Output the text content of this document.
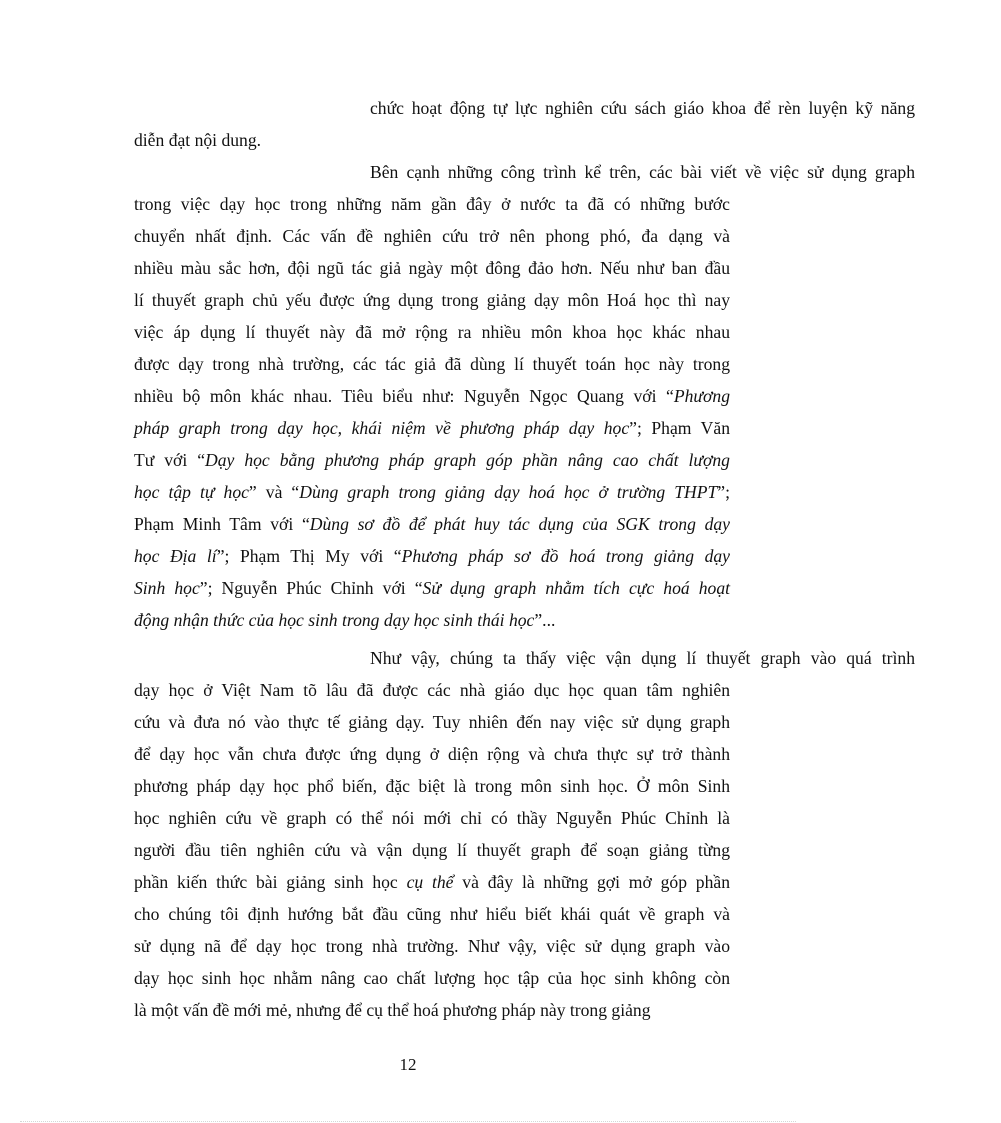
chức hoạt động tự lực nghiên cứu sách giáo khoa để rèn luyện kỹ năng
diễn đạt nội dung.
Bên cạnh những công trình kể trên, các bài viết về việc sử dụng graph
trong việc dạy học trong những năm gần đây ở nước ta đã có những bước
chuyển nhất định. Các vấn đề nghiên cứu trở nên phong phó, đa dạng và
nhiều màu sắc hơn, đội ngũ tác giả ngày một đông đảo hơn. Nếu như ban đầu
lí thuyết graph chủ yếu được ứng dụng trong giảng dạy môn Hoá học thì nay
việc áp dụng lí thuyết này đã mở rộng ra nhiều môn khoa học khác nhau
được dạy trong nhà trường, các tác giả đã dùng lí thuyết toán học này trong
nhiều bộ môn khác nhau. Tiêu biểu như: Nguyễn Ngọc Quang với “Phương
pháp graph trong dạy học, khái niệm về phương pháp dạy học”; Phạm Văn
Tư với “Dạy học bằng phương pháp graph góp phần nâng cao chất lượng
học tập tự học” và “Dùng graph trong giảng dạy hoá học ở trường THPT”;
Phạm Minh Tâm với “Dùng sơ đồ để phát huy tác dụng của SGK trong dạy
học Địa lí”; Phạm Thị My với “Phương pháp sơ đồ hoá trong giảng dạy
Sinh học”; Nguyễn Phúc Chỉnh với “Sử dụng graph nhằm tích cực hoá hoạt
động nhận thức của học sinh trong dạy học sinh thái học”...
Như vậy, chúng ta thấy việc vận dụng lí thuyết graph vào quá trình
dạy học ở Việt Nam tõ lâu đã được các nhà giáo dục học quan tâm nghiên
cứu và đưa nó vào thực tế giảng dạy. Tuy nhiên đến nay việc sử dụng graph
để dạy học vẫn chưa được ứng dụng ở diện rộng và chưa thực sự trở thành
phương pháp dạy học phổ biến, đặc biệt là trong môn sinh học. Ở môn Sinh
học nghiên cứu về graph có thể nói mới chỉ có thầy Nguyễn Phúc Chỉnh là
người đầu tiên nghiên cứu và vận dụng lí thuyết graph để soạn giảng từng
phần kiến thức bài giảng sinh học cụ thể và đây là những gợi mở góp phần
cho chúng tôi định hướng bắt đầu cũng như hiểu biết khái quát về graph và
sử dụng nã để dạy học trong nhà trường. Như vậy, việc sử dụng graph vào
dạy học sinh học nhằm nâng cao chất lượng học tập của học sinh không còn
là một vấn đề mới mẻ, nhưng để cụ thể hoá phương pháp này trong giảng
12
